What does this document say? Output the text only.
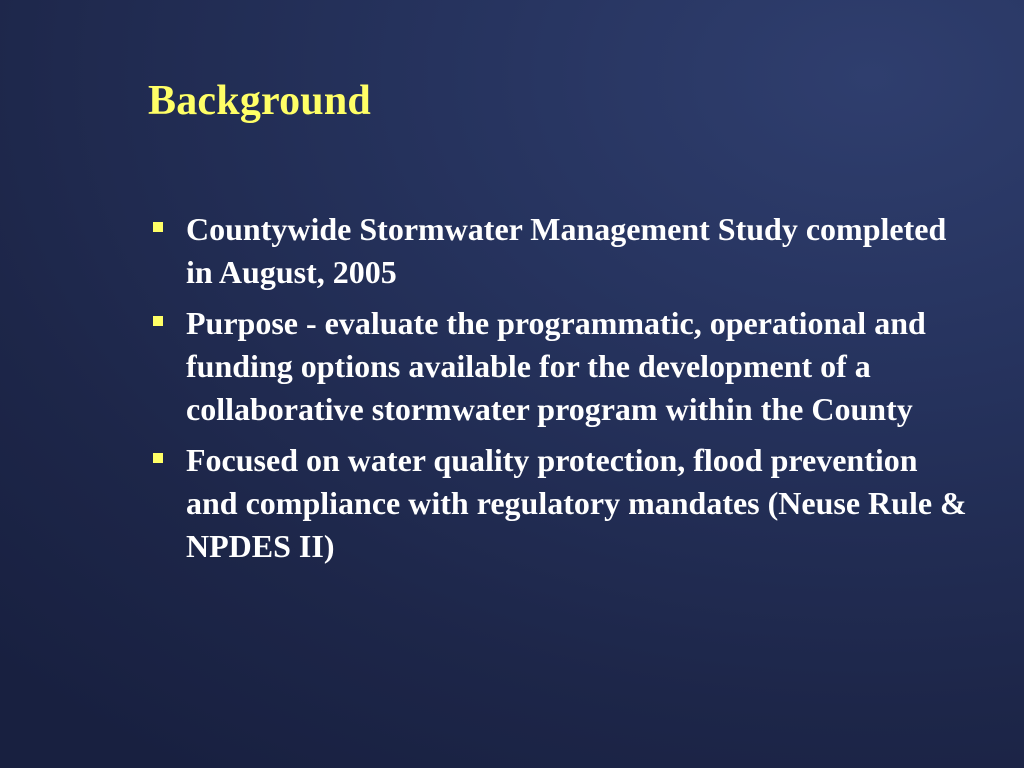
Background
Countywide Stormwater Management Study completed in August, 2005
Purpose - evaluate the programmatic, operational and funding options available for the development of a collaborative stormwater program within the County
Focused on water quality protection, flood prevention and compliance with regulatory mandates (Neuse Rule & NPDES II)
